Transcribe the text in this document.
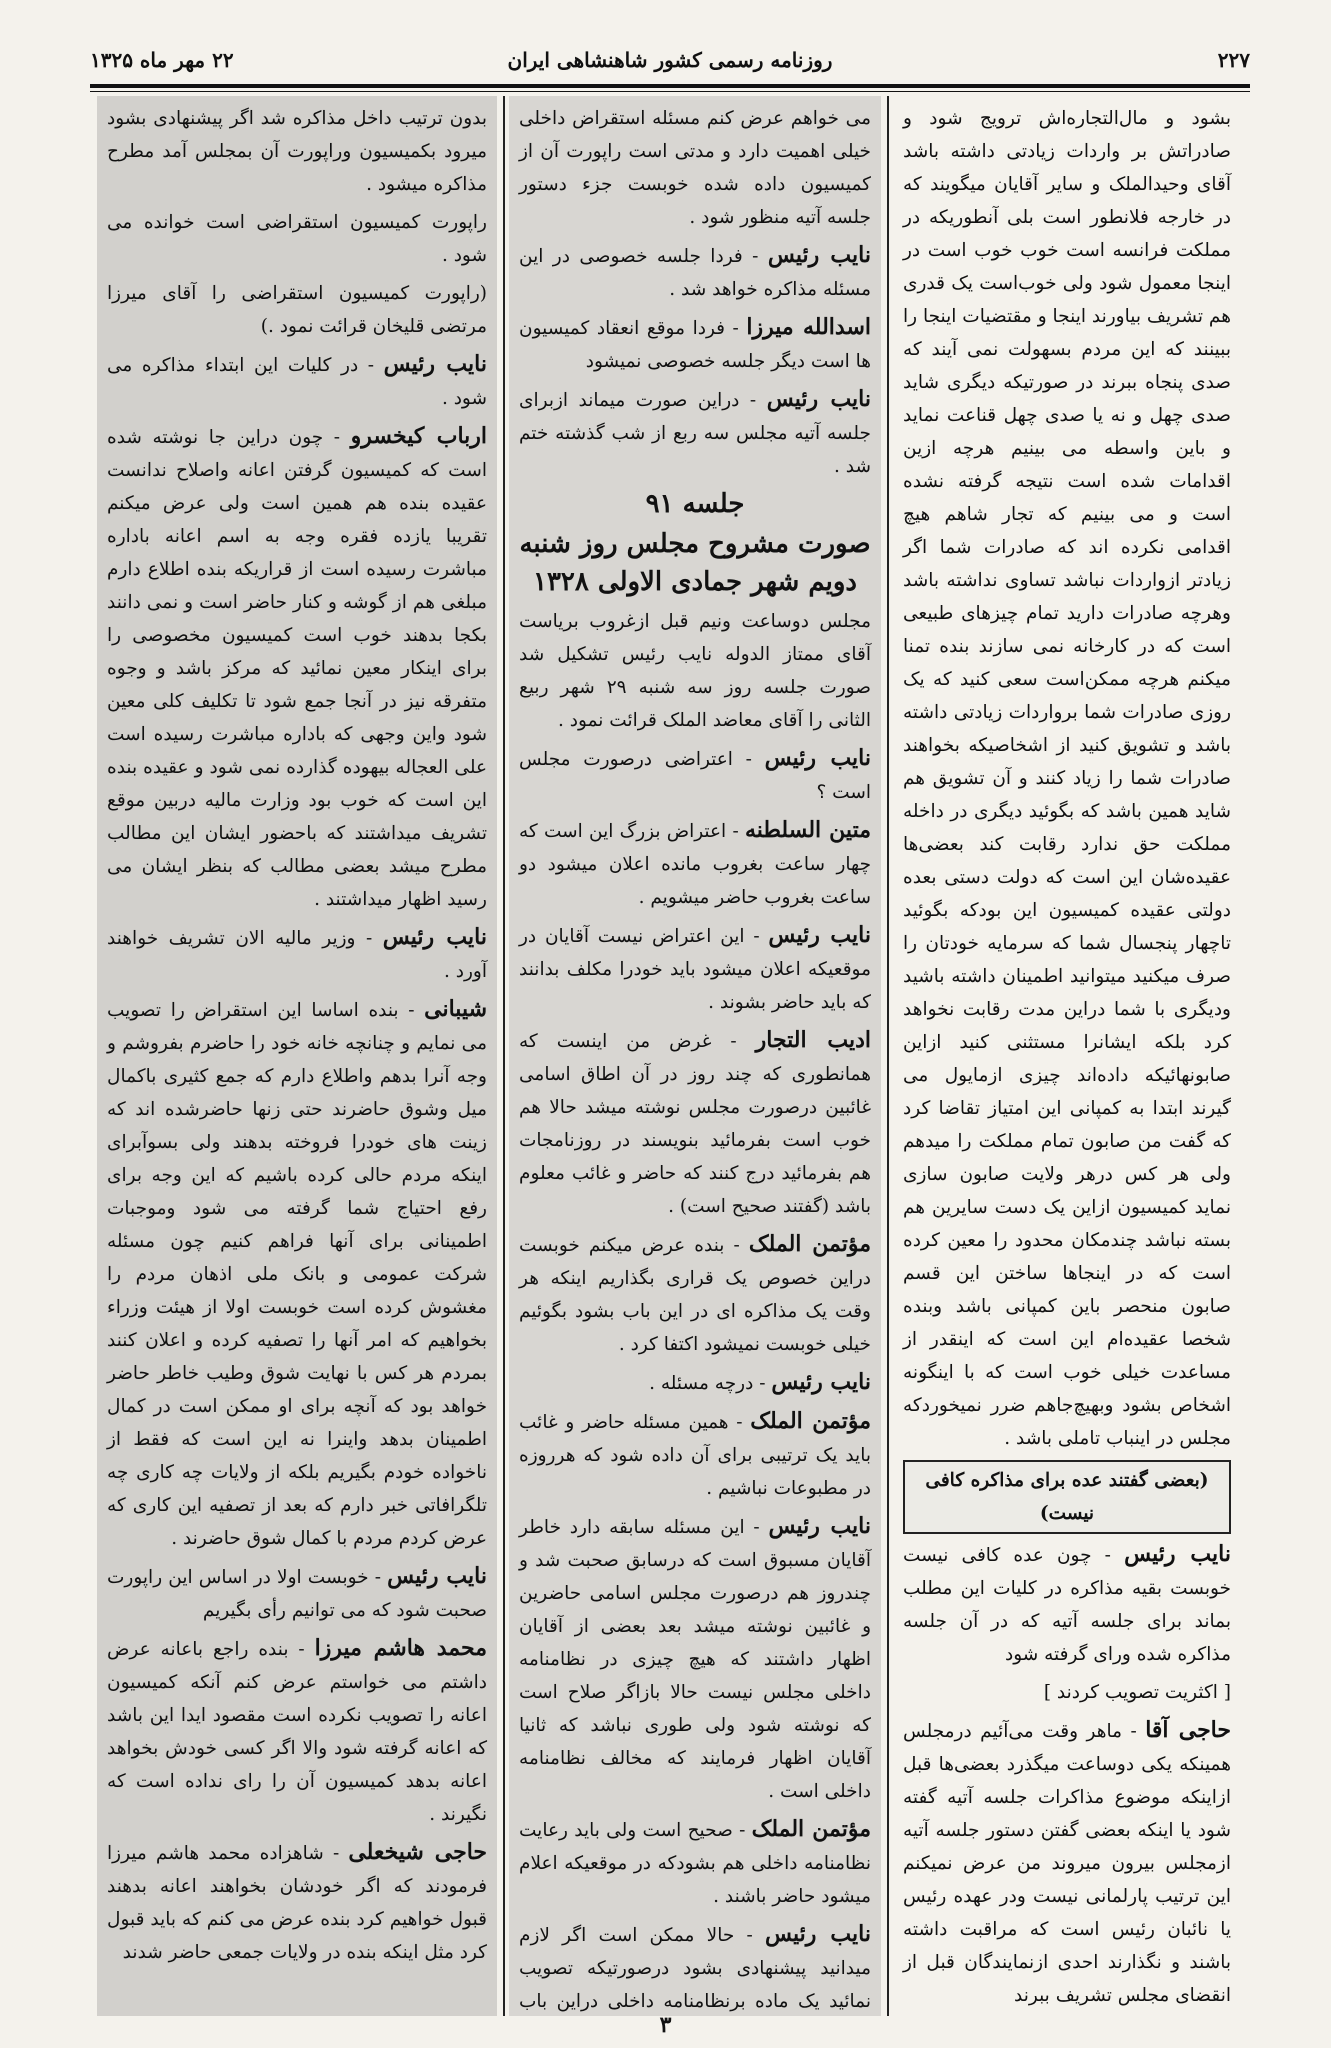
۲۲۷
روزنامه رسمی کشور شاهنشاهی ایران
۲۲ مهر ماه ۱۳۲۵

بشود و مال‌التجاره‌اش ترویج شود و صادراتش بر واردات زیادتی داشته باشد آقای وحیدالملک و سایر آقایان میگویند که در خارجه فلانطور است بلی آنطوریکه در مملکت فرانسه است خوب خوب است در اینجا معمول شود ولی خوب‌است یک قدری هم تشریف بیاورند اینجا و مقتضیات اینجا را ببینند که این مردم بسهولت نمی آیند که صدی پنجاه ببرند در صورتیکه دیگری شاید صدی چهل و نه یا صدی چهل قناعت نماید و باین واسطه می بینیم هرچه ازین اقدامات شده است نتیجه گرفته نشده است و می بینیم که تجار شاهم هیچ اقدامی نکرده اند که صادرات شما اگر زیادتر ازواردات نباشد تساوی نداشته باشد وهرچه صادرات دارید تمام چیزهای طبیعی است که در کارخانه نمی سازند بنده تمنا میکنم هرچه ممکن‌است سعی کنید که یک روزی صادرات شما برواردات زیادتی داشته باشد و تشویق کنید از اشخاصیکه بخواهند صادرات شما را زیاد کنند و آن تشویق هم شاید همین باشد که بگوئید دیگری در داخله مملکت حق ندارد رقابت کند بعضی‌ها عقیده‌شان این است که دولت دستی بعده دولتی عقیده کمیسیون این بودکه بگوئید تاچهار پنجسال شما که سرمایه خودتان را صرف میکنید میتوانید اطمینان داشته باشید ودیگری با شما دراین مدت رقابت نخواهد کرد بلکه ایشانرا مستثنی کنید ازاین صابونهائیکه داده‌اند چیزی ازمایول می گیرند ابتدا به کمپانی این امتیاز تقاضا کرد که گفت من صابون تمام مملکت را میدهم ولی هر کس درهر ولایت صابون سازی نماید کمیسیون ازاین یک دست سایرین هم بسته نباشد چندمکان محدود را معین کرده است که در اینجاها ساختن این قسم صابون منحصر باین کمپانی باشد وبنده شخصا عقیده‌ام این است که اینقدر از مساعدت خیلی خوب است که با اینگونه اشخاص بشود وبهیچ‌جاهم ضرر نمیخوردکه مجلس در اینباب تاملی باشد .

(بعضی گفتند عده برای مذاکره کافی نیست)

نایب رئیس - چون عده کافی نیست خوبست بقیه مذاکره در کلیات این مطلب بماند برای جلسه آتیه که در آن جلسه مذاکره شده ورای گرفته شود

[ اکثریت تصویب کردند ]

حاجی آقا - ماهر وقت می‌آئیم درمجلس همینکه یکی دوساعت میگذرد بعضی‌ها قبل ازاینکه موضوع مذاکرات جلسه آتیه گفته شود یا اینکه بعضی گفتن دستور جلسه آتیه ازمجلس بیرون میروند من عرض نمیکنم این ترتیب پارلمانی نیست ودر عهده رئیس یا نائبان رئیس است که مراقبت داشته باشند و نگذارند احدی ازنمایندگان قبل از انقضای مجلس تشریف ببرند

می خواهم عرض کنم مسئله استقراض داخلی خیلی اهمیت دارد و مدتی است راپورت آن از کمیسیون داده شده خوبست جزء دستور جلسه آتیه منظور شود .

نایب رئیس - فردا جلسه خصوصی در این مسئله مذاکره خواهد شد .

اسدالله میرزا - فردا موقع انعقاد کمیسیون ها است دیگر جلسه خصوصی نمیشود

نایب رئیس - دراین صورت میماند ازبرای جلسه آتیه مجلس سه ربع از شب گذشته ختم شد .

جلسه ۹۱
صورت مشروح مجلس روز شنبه دویم شهر جمادی الاولی ۱۳۲۸

مجلس دوساعت ونیم قبل ازغروب بریاست آقای ممتاز الدوله نایب رئیس تشکیل شد صورت جلسه روز سه شنبه ۲۹ شهر ربیع الثانی را آقای معاضد الملک قرائت نمود .

نایب رئیس - اعتراضی درصورت مجلس است ؟

متین السلطنه - اعتراض بزرگ این است که چهار ساعت بغروب مانده اعلان میشود دو ساعت بغروب حاضر میشویم .

نایب رئیس - این اعتراض نیست آقایان در موقعیکه اعلان میشود باید خودرا مکلف بدانند که باید حاضر بشوند .

ادیب التجار - غرض من اینست که همانطوری که چند روز در آن اطاق اسامی غائبین درصورت مجلس نوشته میشد حالا هم خوب است بفرمائید بنویسند در روزنامجات هم بفرمائید درج کنند که حاضر و غائب معلوم باشد (گفتند صحیح است) .

مؤتمن الملک - بنده عرض میکنم خوبست دراین خصوص یک قراری بگذاریم اینکه هر وقت یک مذاکره ای در این باب بشود بگوئیم خیلی خوبست نمیشود اکتفا کرد .

نایب رئیس - درچه مسئله .

مؤتمن الملک - همین مسئله حاضر و غائب باید یک ترتیبی برای آن داده شود که هرروزه در مطبوعات نباشیم .

نایب رئیس - این مسئله سابقه دارد خاطر آقایان مسبوق است که درسابق صحبت شد و چندروز هم درصورت مجلس اسامی حاضرین و غائبین نوشته میشد بعد بعضی از آقایان اظهار داشتند که هیچ چیزی در نظامنامه داخلی مجلس نیست حالا بازاگر صلاح است که نوشته شود ولی طوری نباشد که ثانیا آقایان اظهار فرمایند که مخالف نظامنامه داخلی است .

مؤتمن الملک - صحیح است ولی باید رعایت نظامنامه داخلی هم بشودکه در موقعیکه اعلام میشود حاضر باشند .

نایب رئیس - حالا ممکن است اگر لازم میدانید پیشنهادی بشود درصورتیکه تصویب نمائید یک ماده برنظامنامه داخلی دراین باب

بدون ترتیب داخل مذاکره شد اگر پیشنهادی بشود میرود بکمیسیون وراپورت آن بمجلس آمد مطرح مذاکره میشود .

راپورت کمیسیون استقراضی است خوانده می شود .

(راپورت کمیسیون استقراضی را آقای میرزا مرتضی قلیخان قرائت نمود .)

نایب رئیس - در کلیات این ابتداء مذاکره می شود .

ارباب کیخسرو - چون دراین جا نوشته شده است که کمیسیون گرفتن اعانه واصلاح ندانست عقیده بنده هم همین است ولی عرض میکنم تقریبا یازده فقره وجه به اسم اعانه باداره مباشرت رسیده است از قراریکه بنده اطلاع دارم مبلغی هم از گوشه و کنار حاضر است و نمی دانند بکجا بدهند خوب است کمیسیون مخصوصی را برای اینکار معین نمائید که مرکز باشد و وجوه متفرقه نیز در آنجا جمع شود تا تکلیف کلی معین شود واین وجهی که باداره مباشرت رسیده است علی العجاله بیهوده گذارده نمی شود و عقیده بنده این است که خوب بود وزارت مالیه دربین موقع تشریف میداشتند که باحضور ایشان این مطالب مطرح میشد بعضی مطالب که بنظر ایشان می رسید اظهار میداشتند .

نایب رئیس - وزیر مالیه الان تشریف خواهند آورد .

شیبانی - بنده اساسا این استقراض را تصویب می نمایم و چنانچه خانه خود را حاضرم بفروشم و وجه آنرا بدهم واطلاع دارم که جمع کثیری باکمال میل وشوق حاضرند حتی زنها حاضرشده اند که زینت های خودرا فروخته بدهند ولی بسوآبرای اینکه مردم حالی کرده باشیم که این وجه برای رفع احتیاج شما گرفته می شود وموجبات اطمینانی برای آنها فراهم کنیم چون مسئله شرکت عمومی و بانک ملی اذهان مردم را مغشوش کرده است خوبست اولا از هیئت وزراء بخواهیم که امر آنها را تصفیه کرده و اعلان کنند بمردم هر کس با نهایت شوق وطیب خاطر حاضر خواهد بود که آنچه برای او ممکن است در کمال اطمینان بدهد واینرا نه این است که فقط از ناخواده خودم بگیریم بلکه از ولایات چه کاری چه تلگرافاتی خبر دارم که بعد از تصفیه این کاری که عرض کردم مردم با کمال شوق حاضرند .

نایب رئیس - خوبست اولا در اساس این راپورت صحبت شود که می توانیم رأی بگیریم

محمد هاشم میرزا - بنده راجع باعانه عرض داشتم می خواستم عرض کنم آنکه کمیسیون اعانه را تصویب نکرده است مقصود ایدا این باشد که اعانه گرفته شود والا اگر کسی خودش بخواهد اعانه بدهد کمیسیون آن را رای نداده است که نگیرند .

حاجی شیخعلی - شاهزاده محمد هاشم میرزا فرمودند که اگر خودشان بخواهند اعانه بدهند قبول خواهیم کرد بنده عرض می کنم که باید قبول کرد مثل اینکه بنده در ولایات جمعی حاضر شدند

۳
